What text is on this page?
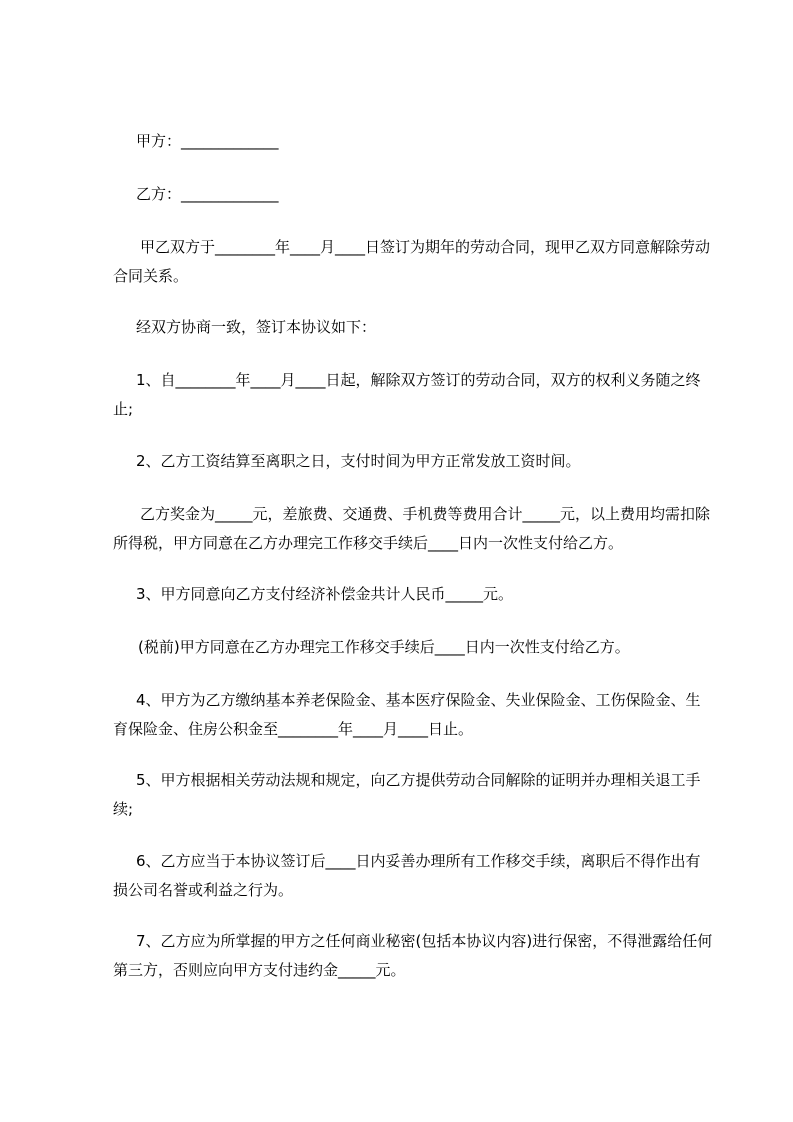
甲方：_____________

乙方：_____________

甲乙双方于________年____月____日签订为期年的劳动合同，现甲乙双方同意解除劳动合同关系。

经双方协商一致，签订本协议如下：

1、自________年____月____日起，解除双方签订的劳动合同，双方的权利义务随之终止;

2、乙方工资结算至离职之日，支付时间为甲方正常发放工资时间。

乙方奖金为_____元，差旅费、交通费、手机费等费用合计_____元，以上费用均需扣除所得税，甲方同意在乙方办理完工作移交手续后____日内一次性支付给乙方。

3、甲方同意向乙方支付经济补偿金共计人民币_____元。

(税前)甲方同意在乙方办理完工作移交手续后____日内一次性支付给乙方。

4、甲方为乙方缴纳基本养老保险金、基本医疗保险金、失业保险金、工伤保险金、生育保险金、住房公积金至________年____月____日止。

5、甲方根据相关劳动法规和规定，向乙方提供劳动合同解除的证明并办理相关退工手续;

6、乙方应当于本协议签订后____日内妥善办理所有工作移交手续，离职后不得作出有损公司名誉或利益之行为。

7、乙方应为所掌握的甲方之任何商业秘密(包括本协议内容)进行保密，不得泄露给任何第三方，否则应向甲方支付违约金_____元。
